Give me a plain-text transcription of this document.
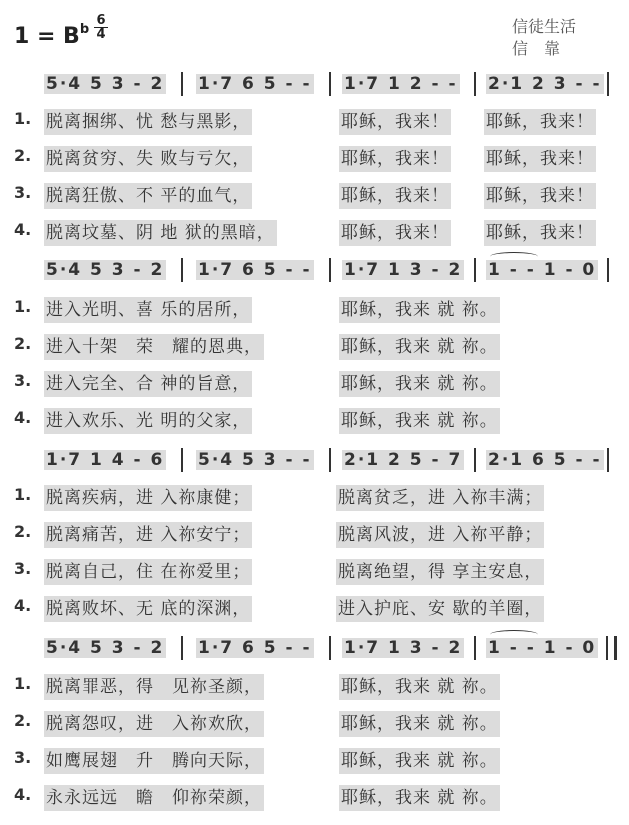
$1 = B^b$
6
4	信徒生活
信　靠
5·4 5 3 - 2 1·7 6 5 - - 1·7 1 2 - - 2·1 2 3 - -
1. 脱离捆绑、忧 愁与黑影，	耶稣，我来！ 耶稣，我来！
2. 脱离贫穷、失 败与亏欠，	耶稣，我来！ 耶稣，我来！
3. 脱离狂傲、不 平的血气，	耶稣，我来！ 耶稣，我来！
4. 脱离坟墓、阴 地 狱的黑暗，	耶稣，我来！ 耶稣，我来！
5·4 5 3 - 2 1·7 6 5 - - 1·7 1 3 - 2 1 - - 1 - 0
1. 进入光明、喜 乐的居所，	耶稣，我来 就 祢。
2. 进入十架　荣　耀的恩典，	耶稣，我来 就 祢。
3. 进入完全、合 神的旨意，	耶稣，我来 就 祢。
4. 进入欢乐、光 明的父家，	耶稣，我来 就 祢。
1·7 1 4 - 6 5·4 5 3 - - 2·1 2 5 - 7 2·1 6 5 - -
1. 脱离疾病，进 入祢康健；	脱离贫乏，进 入祢丰满；
2. 脱离痛苦，进 入祢安宁；	脱离风波，进 入祢平静；
3. 脱离自己，住 在祢爱里；	脱离绝望，得 享主安息，
4. 脱离败坏、无 底的深渊，	进入护庇、安 歇的羊圈，
5·4 5 3 - 2 1·7 6 5 - - 1·7 1 3 - 2 1 - - 1 - 0
1. 脱离罪恶，得　见祢圣颜，	耶稣，我来 就 祢。
2. 脱离怨叹，进　入祢欢欣，	耶稣，我来 就 祢。
3. 如鹰展翅　升　腾向天际，	耶稣，我来 就 祢。
4. 永永远远　瞻　仰祢荣颜，	耶稣，我来 就 祢。
